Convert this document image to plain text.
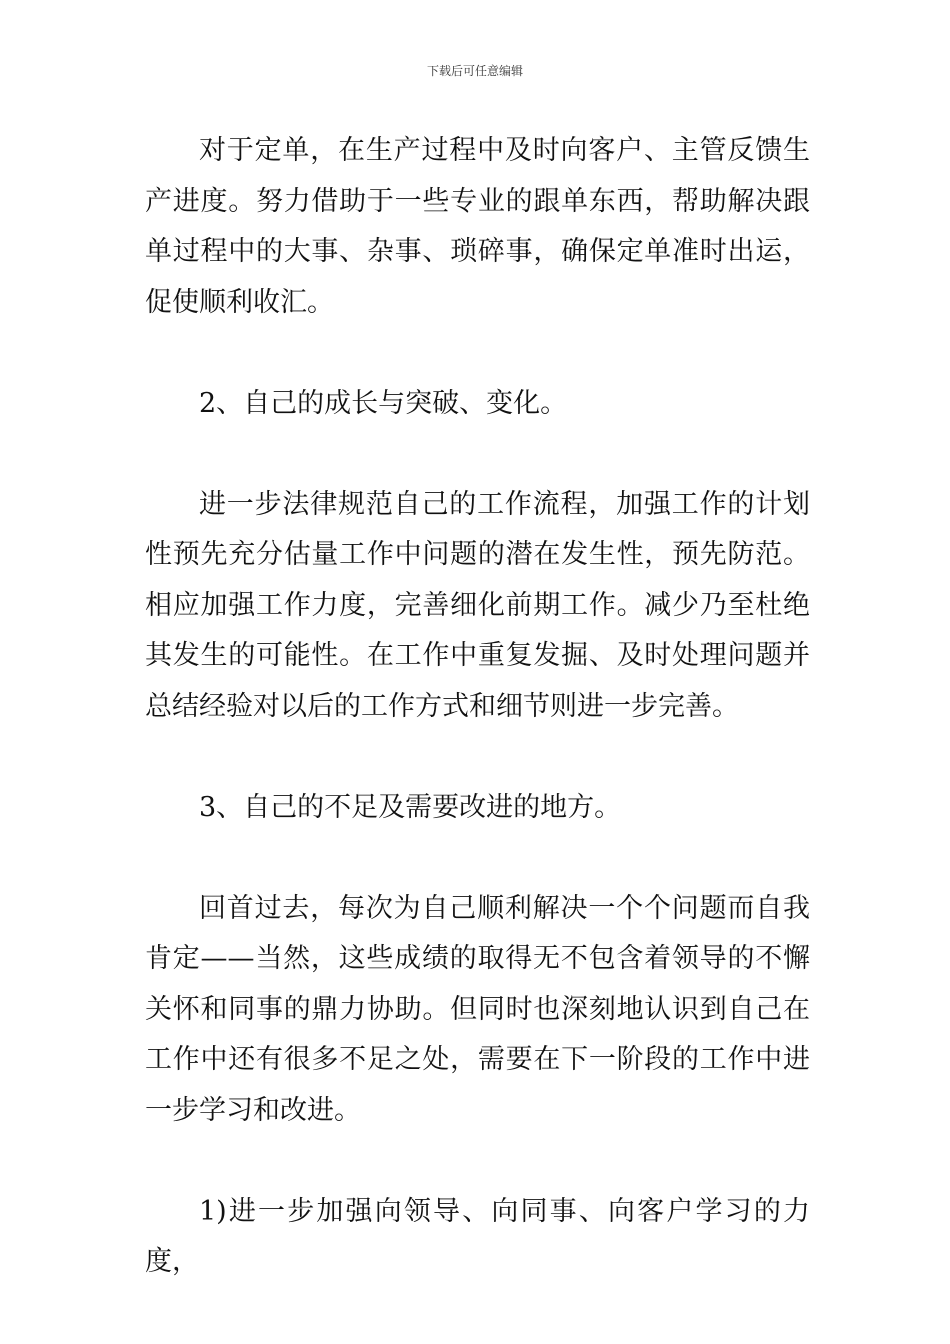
下载后可任意编辑

对于定单，在生产过程中及时向客户、主管反馈生产进度。努力借助于一些专业的跟单东西，帮助解决跟单过程中的大事、杂事、琐碎事，确保定单准时出运，促使顺利收汇。

2、自己的成长与突破、变化。

进一步法律规范自己的工作流程，加强工作的计划性预先充分估量工作中问题的潜在发生性，预先防范。相应加强工作力度，完善细化前期工作。减少乃至杜绝其发生的可能性。在工作中重复发掘、及时处理问题并总结经验对以后的工作方式和细节则进一步完善。

3、自己的不足及需要改进的地方。

回首过去，每次为自己顺利解决一个个问题而自我肯定——当然，这些成绩的取得无不包含着领导的不懈关怀和同事的鼎力协助。但同时也深刻地认识到自己在工作中还有很多不足之处，需要在下一阶段的工作中进一步学习和改进。

1)进一步加强向领导、向同事、向客户学习的力度，
